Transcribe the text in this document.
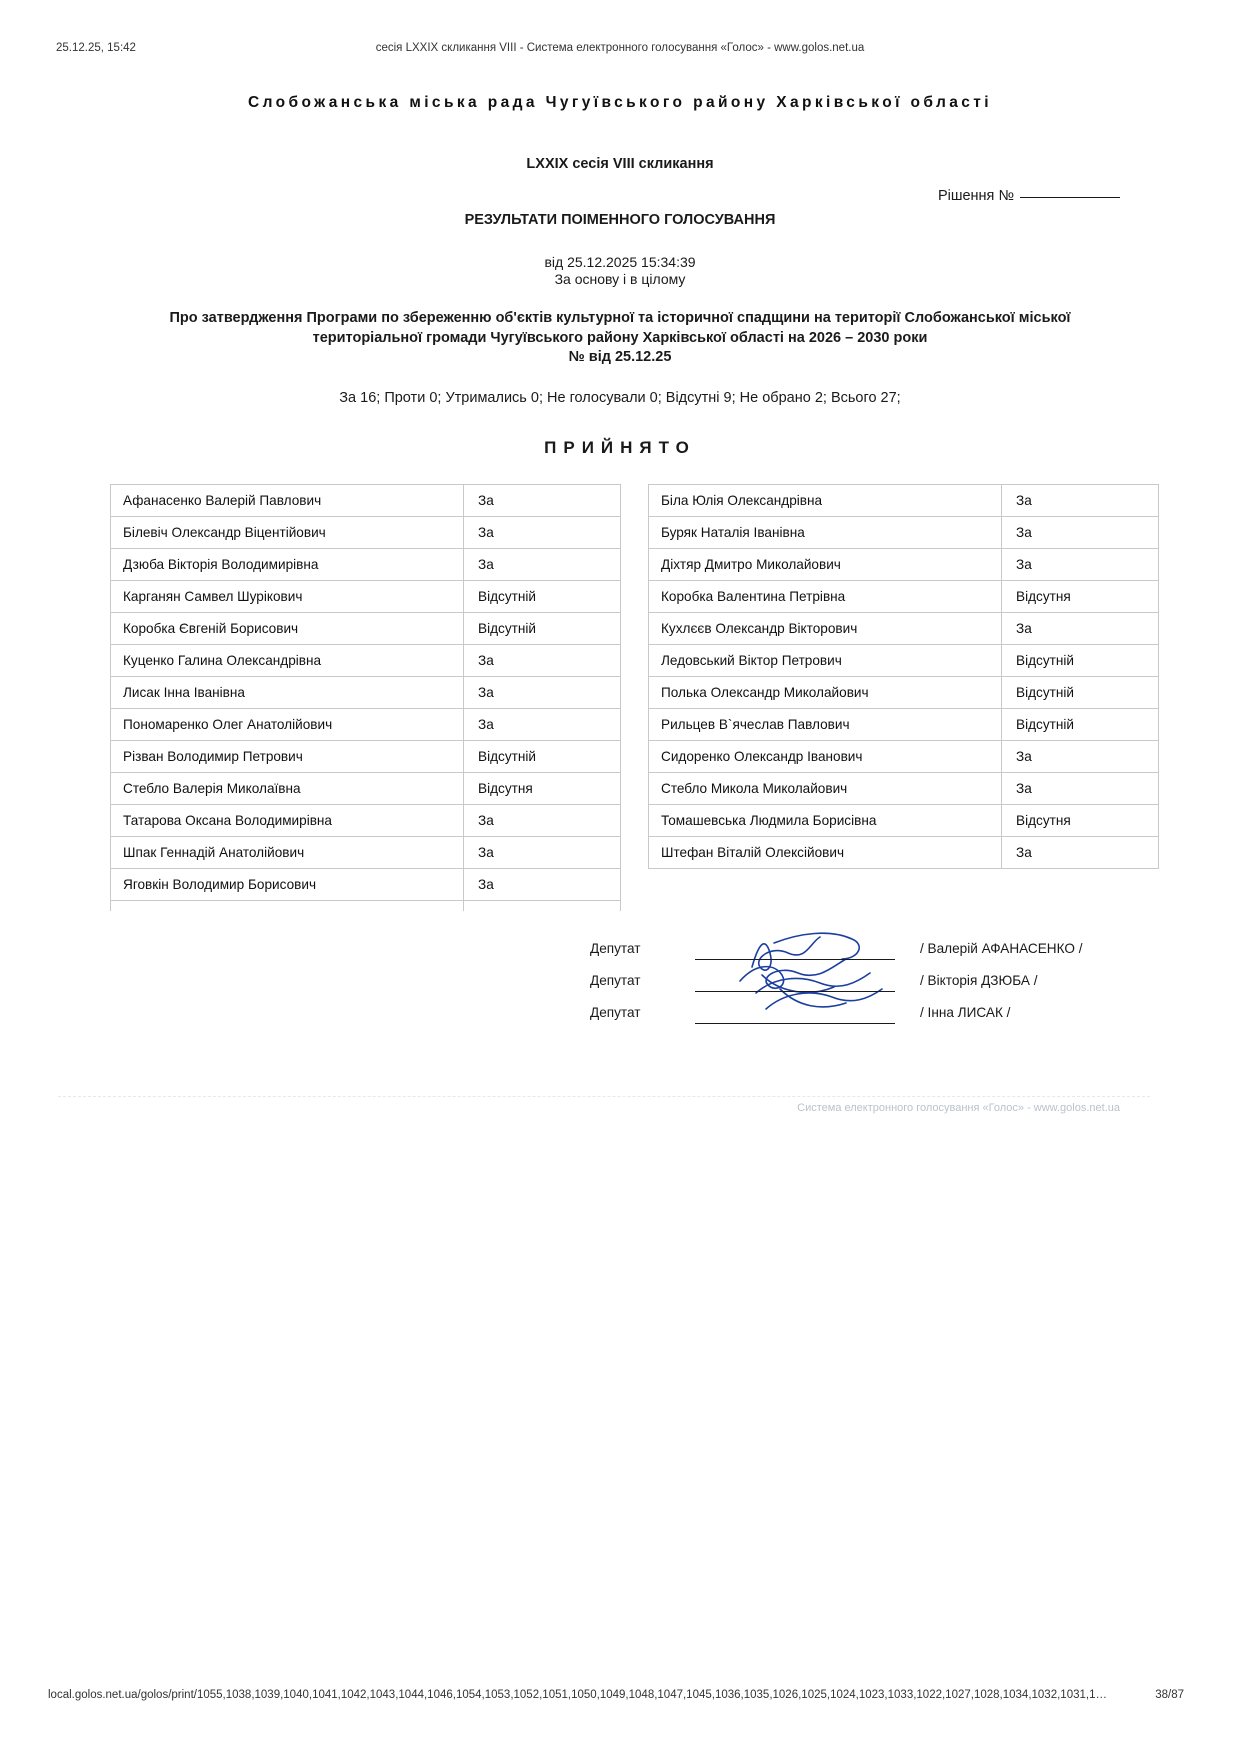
25.12.25, 15:42	сесія LXXIX скликання VIII - Система електронного голосування «Голос» - www.golos.net.ua
Слобожанська міська рада Чугуївського району Харківської області
LXXIX сесія VIII скликання
Рішення №
РЕЗУЛЬТАТИ ПОІМЕННОГО ГОЛОСУВАННЯ
від 25.12.2025 15:34:39
За основу і в цілому
Про затвердження Програми по збереженню об'єктів культурної та історичної спадщини на території Слобожанської міської
територіальної громади Чугуївського району Харківської області на 2026 – 2030 роки
№ від 25.12.25
За 16; Проти 0; Утримались 0; Не голосували 0; Відсутні 9; Не обрано 2; Всього 27;
ПРИЙНЯТО
Афанасенко Валерій Павлович	За
Білевіч Олександр Віцентійович	За
Дзюба Вікторія Володимирівна	За
Карганян Самвел Шурікович	Відсутній
Коробка Євгеній Борисович	Відсутній
Куценко Галина Олександрівна	За
Лисак Інна Іванівна	За
Пономаренко Олег Анатолійович	За
Різван Володимир Петрович	Відсутній
Стебло Валерія Миколаївна	Відсутня
Татарова Оксана Володимирівна	За
Шпак Геннадій Анатолійович	За
Яговкін Володимир Борисович	За

Біла Юлія Олександрівна	За
Буряк Наталія Іванівна	За
Діхтяр Дмитро Миколайович	За
Коробка Валентина Петрівна	Відсутня
Кухлєєв Олександр Вікторович	За
Ледовський Віктор Петрович	Відсутній
Полька Олександр Миколайович	Відсутній
Рильцев В`ячеслав Павлович	Відсутній
Сидоренко Олександр Іванович	За
Стебло Микола Миколайович	За
Томашевська Людмила Борисівна	Відсутня
Штефан Віталій Олексійович	За
Депутат	/ Валерій АФАНАСЕНКО /
Депутат	/ Вікторія ДЗЮБА /
Депутат	/ Інна ЛИСАК /
Система електронного голосування «Голос» - www.golos.net.ua
local.golos.net.ua/golos/print/1055,1038,1039,1040,1041,1042,1043,1044,1046,1054,1053,1052,1051,1050,1049,1048,1047,1045,1036,1035,1026,1025,1024,1023,1033,1022,1027,1028,1034,1032,1031,1…	38/87
